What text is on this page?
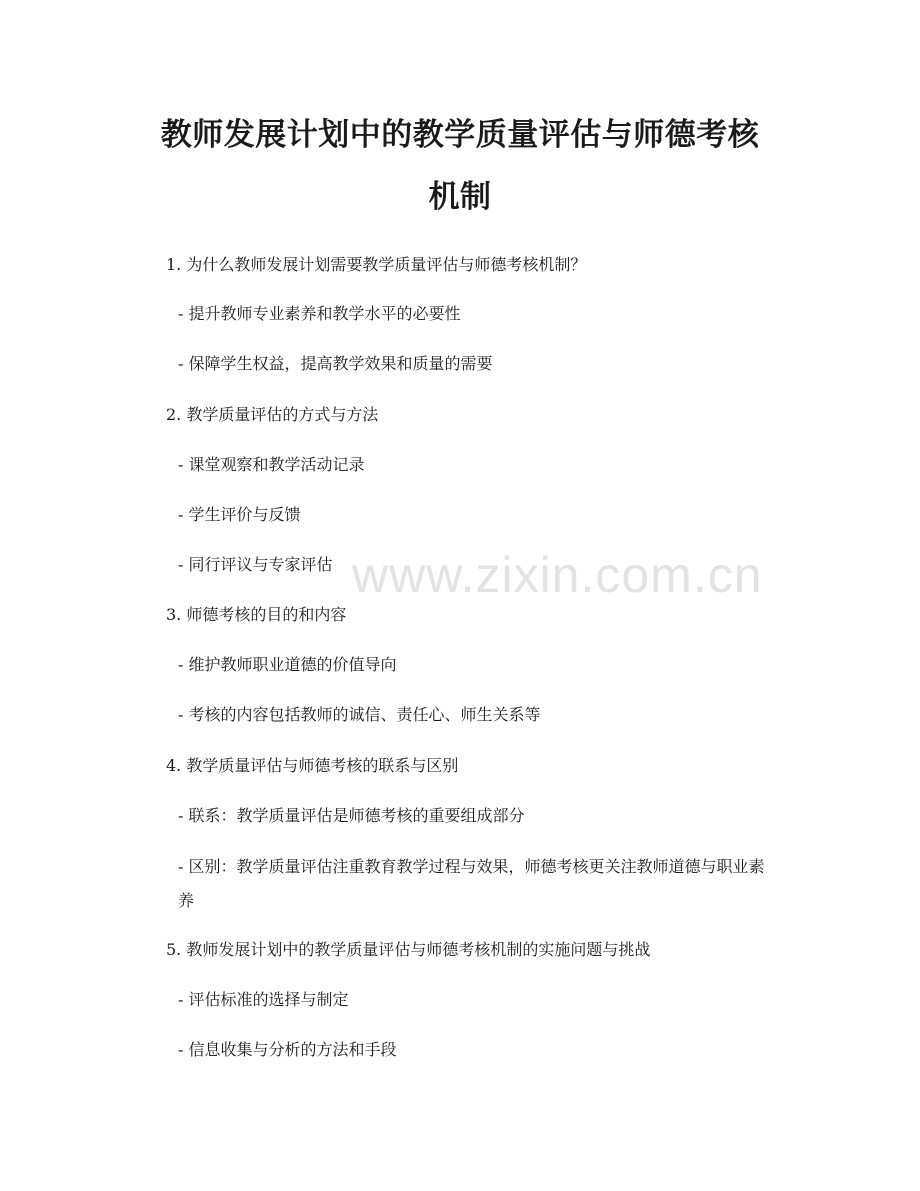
www.zixin.com.cn
教师发展计划中的教学质量评估与师德考核
机制
1. 为什么教师发展计划需要教学质量评估与师德考核机制？
- 提升教师专业素养和教学水平的必要性
- 保障学生权益，提高教学效果和质量的需要
2. 教学质量评估的方式与方法
- 课堂观察和教学活动记录
- 学生评价与反馈
- 同行评议与专家评估
3. 师德考核的目的和内容
- 维护教师职业道德的价值导向
- 考核的内容包括教师的诚信、责任心、师生关系等
4. 教学质量评估与师德考核的联系与区别
- 联系：教学质量评估是师德考核的重要组成部分
- 区别：教学质量评估注重教育教学过程与效果，师德考核更关注教师道德与职业素养
5. 教师发展计划中的教学质量评估与师德考核机制的实施问题与挑战
- 评估标准的选择与制定
- 信息收集与分析的方法和手段
